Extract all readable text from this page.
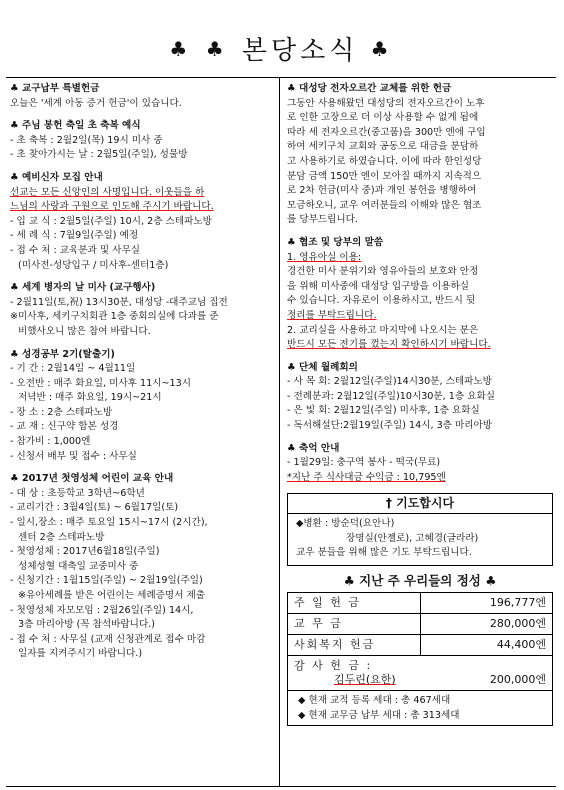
♣ ♣ 본당소식 ♣
♣ 교구납부 특별헌금
오늘은 '세계 아동 증거 헌금'이 있습니다.
♣ 주님 봉헌 축일 초 축복 예식
- 초 축복 : 2월2일(목) 19시 미사 중
- 초 찾아가시는 날 : 2월5일(주일), 성물방
♣ 예비신자 모집 안내
선교는 모든 신앙인의 사명입니다. 이웃들을 하
느님의 사랑과 구원으로 인도해 주시기 바랍니다.
- 입 교 식 : 2월5일(주일) 10시, 2층 스테파노방
- 세 례 식 : 7월9일(주일) 예정
- 접 수 처 : 교육분과 및 사무실
(미사전-성당입구 / 미사후-센터1층)
♣ 세계 병자의 날 미사 (교구행사)
- 2월11일(토,祝) 13시30분, 대성당 -대주교님 집전
※미사후, 세키구치회관 1층 중회의실에 다과를 준
비했사오니 많은 참여 바랍니다.
♣ 성경공부 2기(탈출기)
- 기 간 : 2월14일 ~ 4월11일
- 오전반 : 매주 화요일, 미사후 11시~13시
저녁반 : 매주 화요일, 19시~21시
- 장 소 : 2층 스테파노방
- 교 재 : 신구약 합본 성경
- 참가비 : 1,000엔
- 신청서 배부 및 접수 : 사무실
♣ 2017년 첫영성체 어린이 교육 안내
- 대 상 : 초등학교 3학년~6학년
- 교리기간 : 3월4일(토) ~ 6월17일(토)
- 일시,장소 : 매주 토요일 15시~17시 (2시간),
센터 2층 스테파노방
- 첫영성체 : 2017년6월18일(주일)
성체성혈 대축일 교중미사 중
- 신청기간 : 1월15일(주일) ~ 2월19일(주일)
※유아세례를 받은 어린이는 세례증명서 제출
- 첫영성체 자모모임 : 2월26일(주일) 14시,
3층 마리아방 (꼭 참석바랍니다.)
- 접 수 처 : 사무실 (교재 신청관계로 접수 마감
일자를 지켜주시기 바랍니다.)
♣ 대성당 전자오르간 교체를 위한 헌금
그동안 사용해왔던 대성당의 전자오르간이 노후
로 인한 고장으로 더 이상 사용할 수 없게 됨에
따라 세 전자오르간(중고품)을 300만 엔에 구입
하여 세키구치 교회와 공동으로 대금을 분담하
고 사용하기로 하였습니다. 이에 따라 한인성당
분담 금액 150만 엔이 모아질 때까지 지속적으
로 2차 헌금(미사 중)과 개인 봉헌을 병행하여
모금하오니, 교우 여러분들의 이해와 많은 협조
를 당부드립니다.
♣ 협조 및 당부의 말씀
1. 영유아실 이용:
경건한 미사 분위기와 영유아들의 보호와 안정
을 위해 미사중에 대성당 입구방을 이용하실
수 있습니다. 자유로이 이용하시고, 반드시 뒷
정리를 부탁드립니다.
2. 교리실을 사용하고 마지막에 나오시는 분은
반드시 모든 전기를 껐는지 확인하시기 바랍니다.
♣ 단체 월례회의
- 사 목 회: 2월12일(주일)14시30분, 스테파노방
- 전례분과: 2월12일(주일)10시30분, 1층 요화실
- 은 빛 회: 2월12일(주일) 미사후, 1층 요화실
- 독서해설단:2월19일(주일) 14시, 3층 마리아방
♣ 축억 안내
- 1월29일: 충구역 봉사 - 떡국(무료)
*지난 주 식사대금 수익금 : 10,795엔
† 기도합시다
◆병환 : 방순덕(요안나)
장명실(안젤로), 고혜경(글라라)
교우 분들을 위해 많은 기도 부탁드립니다.
♣ 지난 주 우리들의 정성 ♣
주 일 헌 금	196,777엔
교 무 금	280,000엔
사회복지 헌금	44,400엔

감 사 헌 금 :
김두린(요한) 200,000엔	
◆ 현재 교적 등록 세대 : 총 467세대
◆ 현재 교무금 납부 세대 : 총 313세대
